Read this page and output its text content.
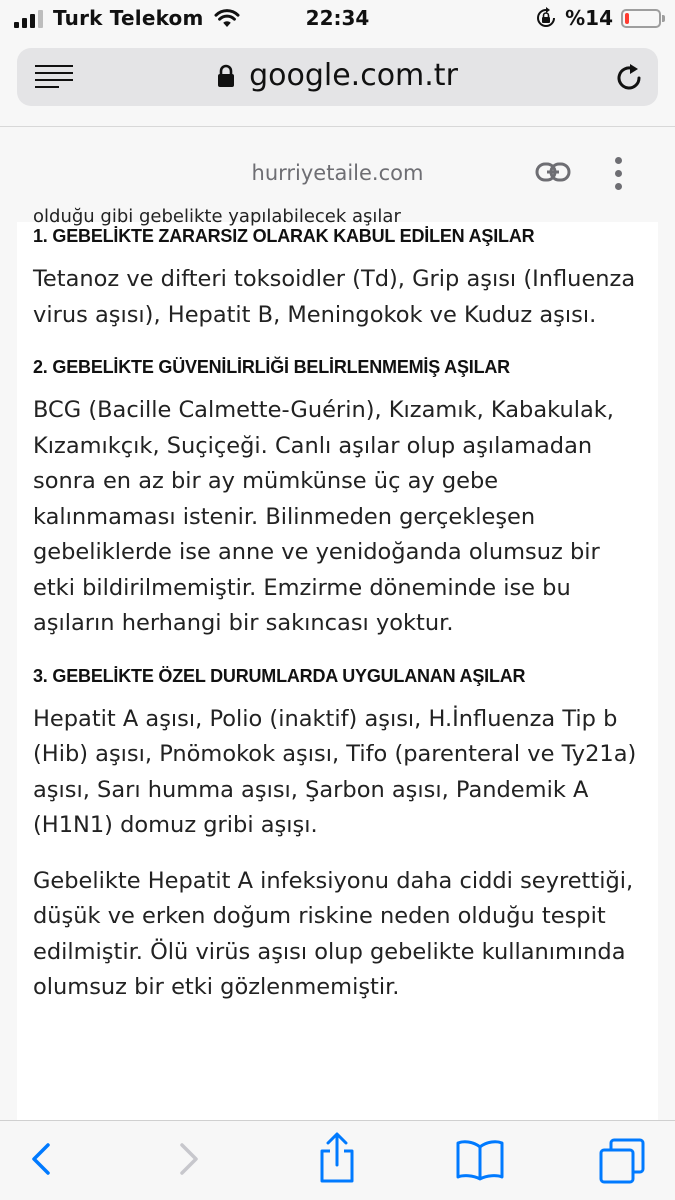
Turk Telekom	22:34	%14
google.com.tr
hurriyetaile.com
olduğu gibi gebelikte yapılabilecek aşılar
1. GEBELİKTE ZARARSIZ OLARAK KABUL EDİLEN AŞILAR

Tetanoz ve difteri toksoidler (Td), Grip aşısı (Influenza virus aşısı), Hepatit B, Meningokok ve Kuduz aşısı.

2. GEBELİKTE GÜVENİLİRLİĞİ BELİRLENMEMİŞ AŞILAR

BCG (Bacille Calmette-Guérin), Kızamık, Kabakulak, Kızamıkçık, Suçiçeği. Canlı aşılar olup aşılamadan sonra en az bir ay mümkünse üç ay gebe kalınmaması istenir. Bilinmeden gerçekleşen gebeliklerde ise anne ve yenidoğanda olumsuz bir etki bildirilmemiştir. Emzirme döneminde ise bu aşıların herhangi bir sakıncası yoktur.

3. GEBELİKTE ÖZEL DURUMLARDA UYGULANAN AŞILAR

Hepatit A aşısı, Polio (inaktif) aşısı, H.İnfluenza Tip b (Hib) aşısı, Pnömokok aşısı, Tifo (parenteral ve Ty21a) aşısı, Sarı humma aşısı, Şarbon aşısı, Pandemik A (H1N1) domuz gribi aşışı.

Gebelikte Hepatit A infeksiyonu daha ciddi seyrettiği, düşük ve erken doğum riskine neden olduğu tespit edilmiştir. Ölü virüs aşısı olup gebelikte kullanımında olumsuz bir etki gözlenmemiştir.
